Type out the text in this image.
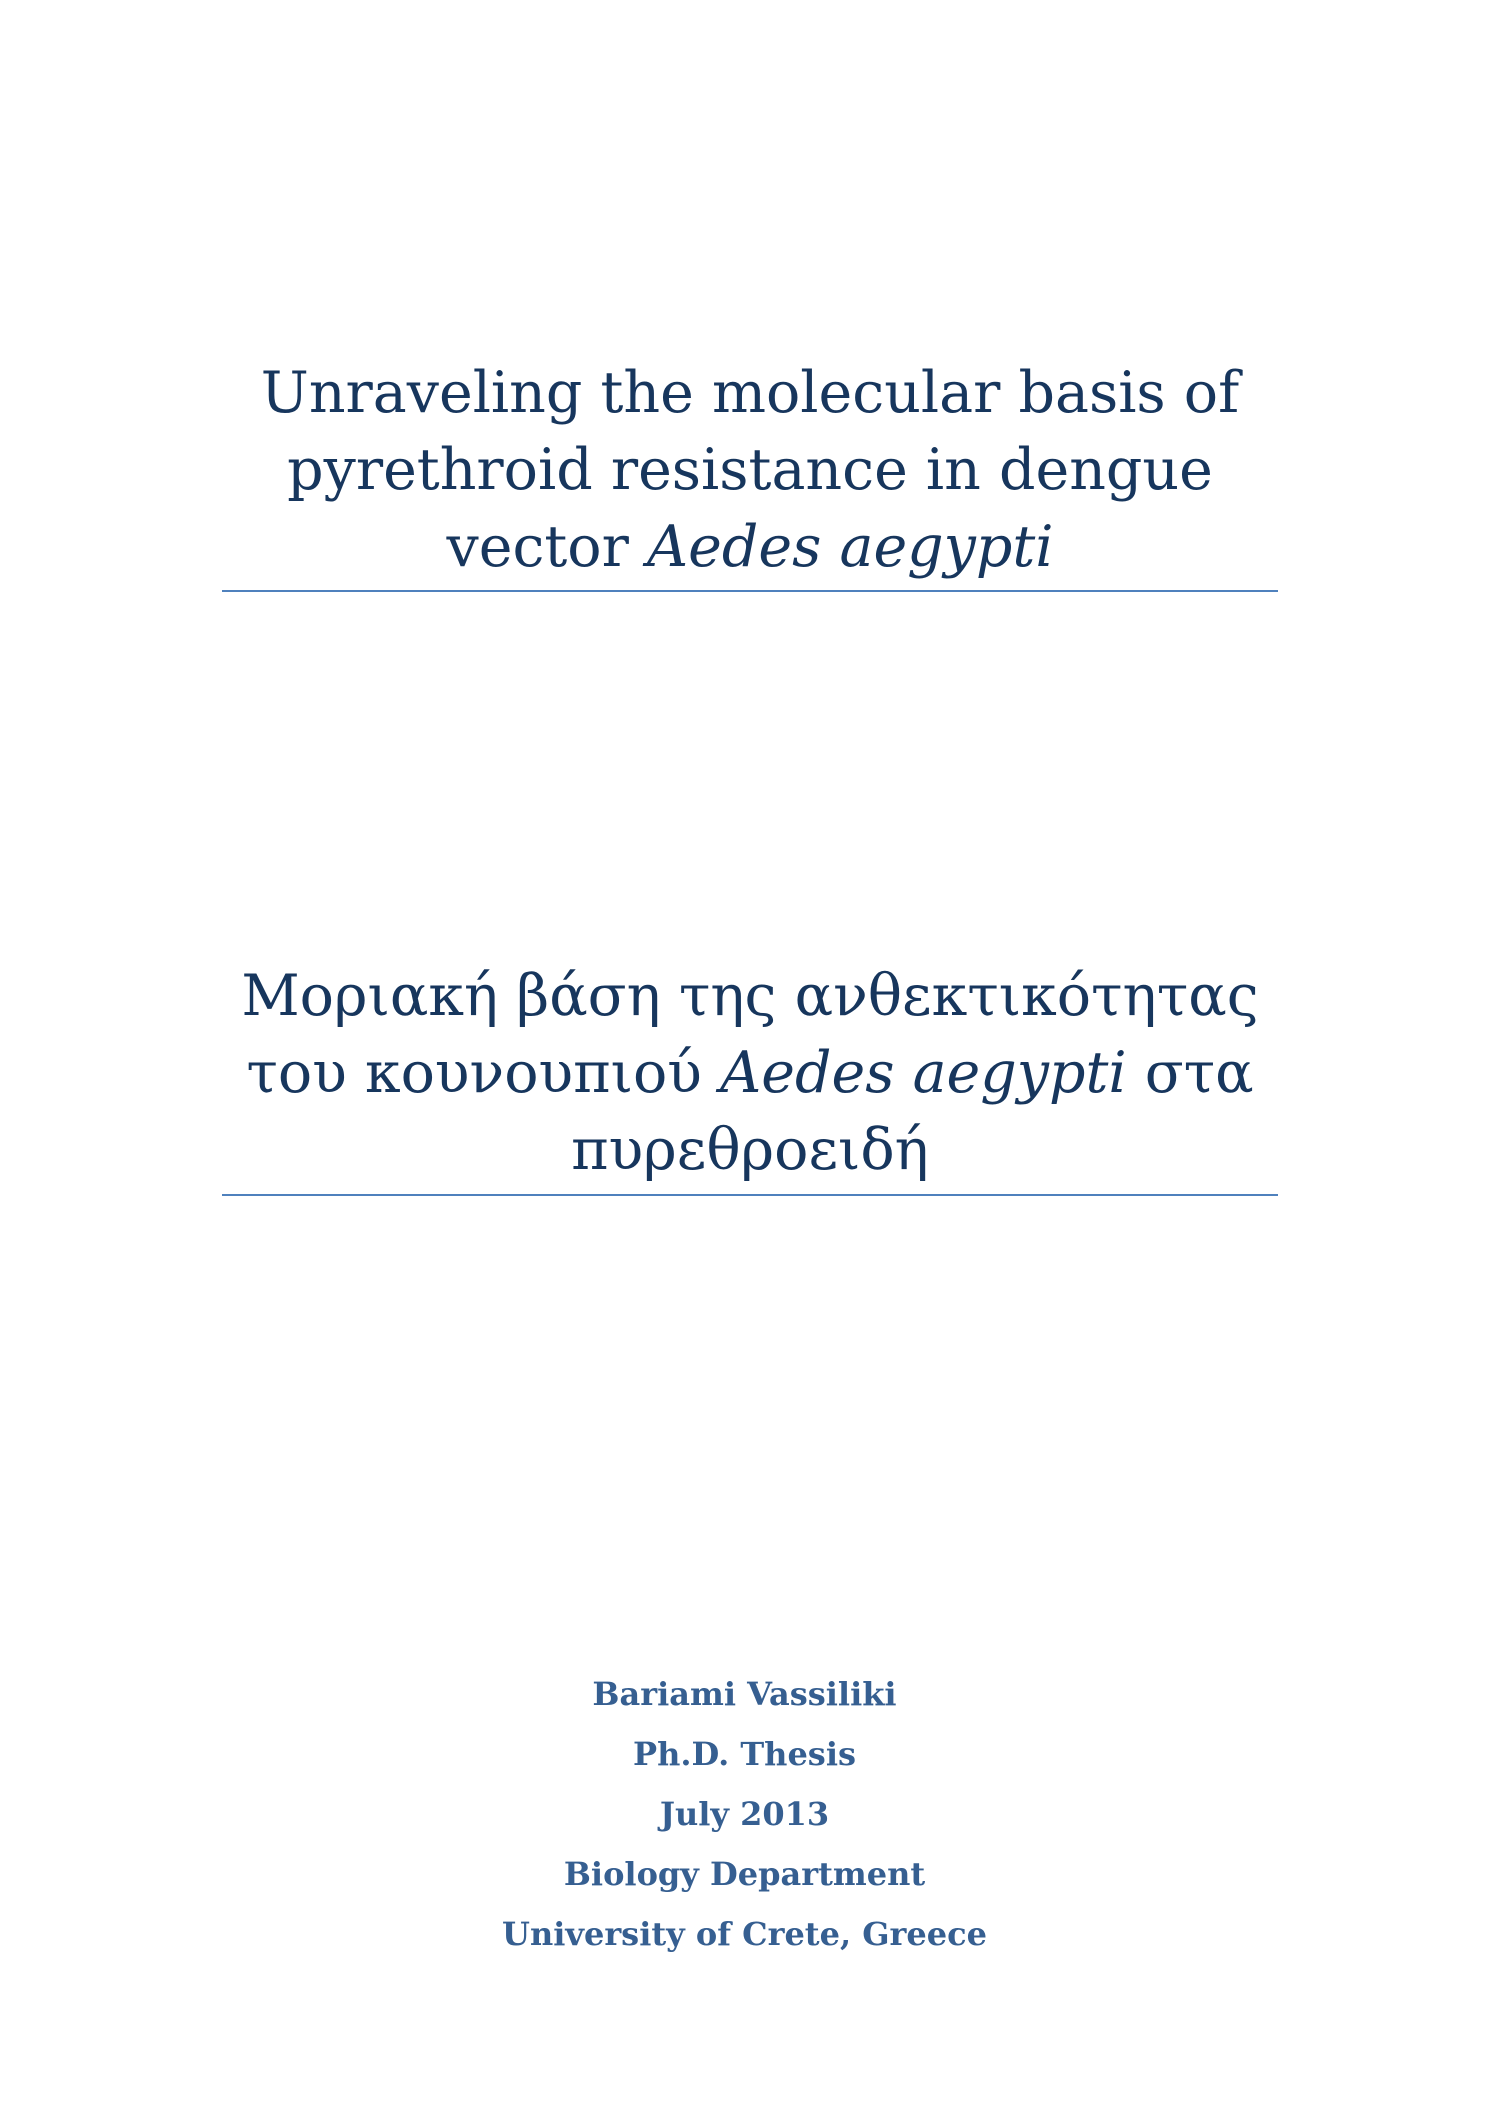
Unraveling the molecular basis of
pyrethroid resistance in dengue
vector Aedes aegypti
Μοριακή βάση της ανθεκτικότητας
του κουνουπιού Aedes aegypti στα
πυρεθροειδή
Bariami Vassiliki
Ph.D. Thesis
July 2013
Biology Department
University of Crete, Greece
